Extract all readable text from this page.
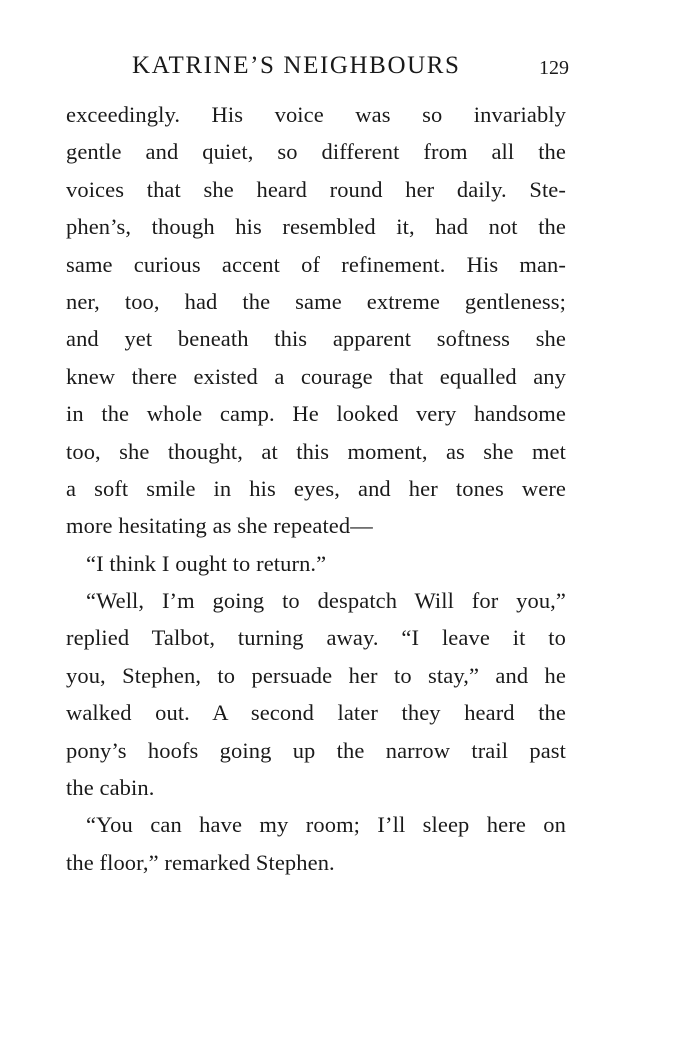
KATRINE’S NEIGHBOURS	129
exceedingly. His voice was so invariably
gentle and quiet, so different from all the
voices that she heard round her daily. Ste-
phen’s, though his resembled it, had not the
same curious accent of refinement. His man-
ner, too, had the same extreme gentleness;
and yet beneath this apparent softness she
knew there existed a courage that equalled any
in the whole camp. He looked very handsome
too, she thought, at this moment, as she met
a soft smile in his eyes, and her tones were
more hesitating as she repeated—
“I think I ought to return.”
“Well, I’m going to despatch Will for you,”
replied Talbot, turning away. “I leave it to
you, Stephen, to persuade her to stay,” and he
walked out. A second later they heard the
pony’s hoofs going up the narrow trail past
the cabin.
“You can have my room; I’ll sleep here on
the floor,” remarked Stephen.
